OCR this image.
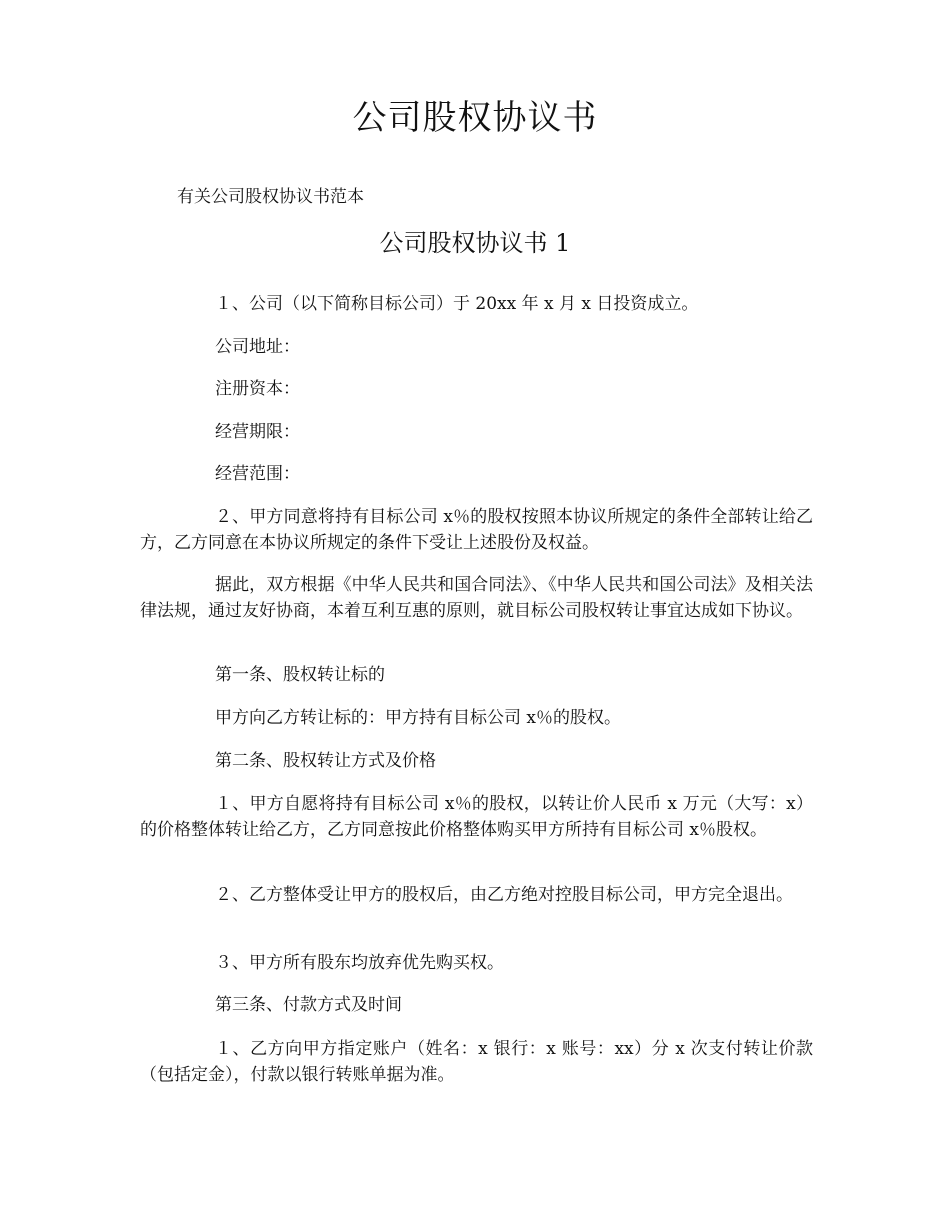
公司股权协议书
有关公司股权协议书范本
公司股权协议书 1

１、公司（以下简称目标公司）于 20xx 年 x 月 x 日投资成立。

公司地址：

注册资本：

经营期限：

经营范围：

２、甲方同意将持有目标公司 x％的股权按照本协议所规定的条件全部转让给乙方，乙方同意在本协议所规定的条件下受让上述股份及权益。

据此，双方根据《中华人民共和国合同法》、《中华人民共和国公司法》及相关法律法规，通过友好协商，本着互利互惠的原则，就目标公司股权转让事宜达成如下协议。

第一条、股权转让标的

甲方向乙方转让标的：甲方持有目标公司 x％的股权。

第二条、股权转让方式及价格

１、甲方自愿将持有目标公司 x％的股权，以转让价人民币 x 万元（大写：x）的价格整体转让给乙方，乙方同意按此价格整体购买甲方所持有目标公司 x％股权。

２、乙方整体受让甲方的股权后，由乙方绝对控股目标公司，甲方完全退出。

３、甲方所有股东均放弃优先购买权。

第三条、付款方式及时间

１、乙方向甲方指定账户（姓名：x 银行：x 账号：xx）分 x 次支付转让价款（包括定金），付款以银行转账单据为准。
